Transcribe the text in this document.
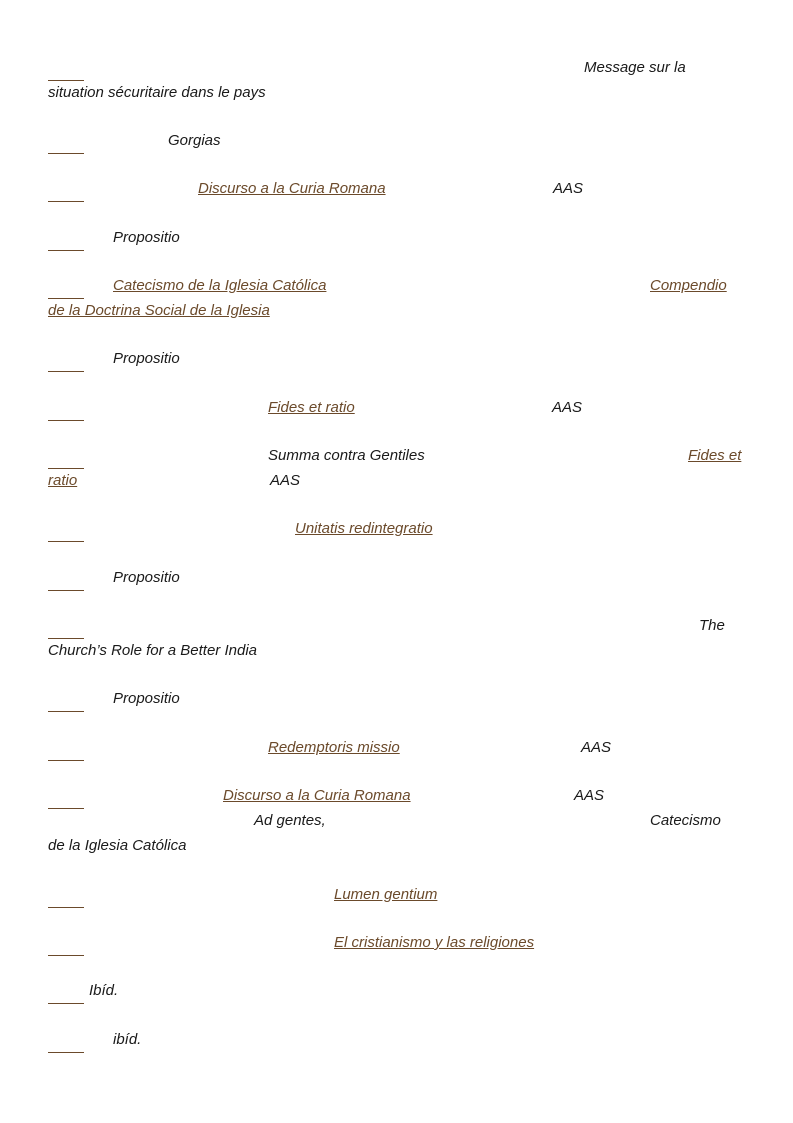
Message sur la
situation sécuritaire dans le pays
Gorgias
Discurso a la Curia Romana	AAS
Propositio
Catecismo de la Iglesia Católica	Compendio
de la Doctrina Social de la Iglesia
Propositio
Fides et ratio	AAS
Summa contra Gentiles	Fides et
ratio	AAS
Unitatis redintegratio
Propositio
The
Church’s Role for a Better India
Propositio
Redemptoris missio	AAS
Discurso a la Curia Romana	AAS
Ad gentes,	Catecismo
de la Iglesia Católica
Lumen gentium
El cristianismo y las religiones
Ibíd.
ibíd.
